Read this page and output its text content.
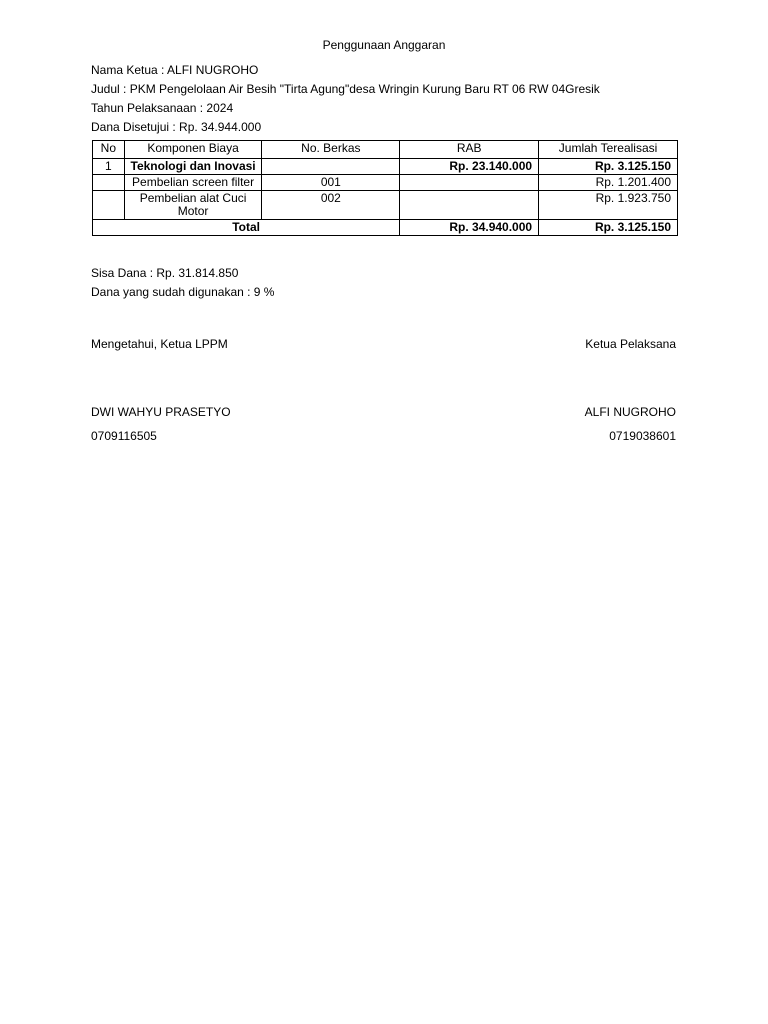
Penggunaan Anggaran
Nama Ketua : ALFI NUGROHO
Judul : PKM Pengelolaan Air Besih "Tirta Agung"desa Wringin Kurung Baru RT 06 RW 04Gresik
Tahun Pelaksanaan : 2024
Dana Disetujui : Rp. 34.944.000
No	Komponen Biaya	No. Berkas	RAB	Jumlah Terealisasi
1	Teknologi dan Inovasi		Rp. 23.140.000	Rp. 3.125.150
	Pembelian screen filter	001		Rp. 1.201.400
	Pembelian alat Cuci Motor	002		Rp. 1.923.750
Total			Rp. 34.940.000	Rp. 3.125.150
Sisa Dana : Rp. 31.814.850
Dana yang sudah digunakan : 9 %
Mengetahui, Ketua LPPM	Ketua Pelaksana
DWI WAHYU PRASETYO	ALFI NUGROHO
0709116505	0719038601
